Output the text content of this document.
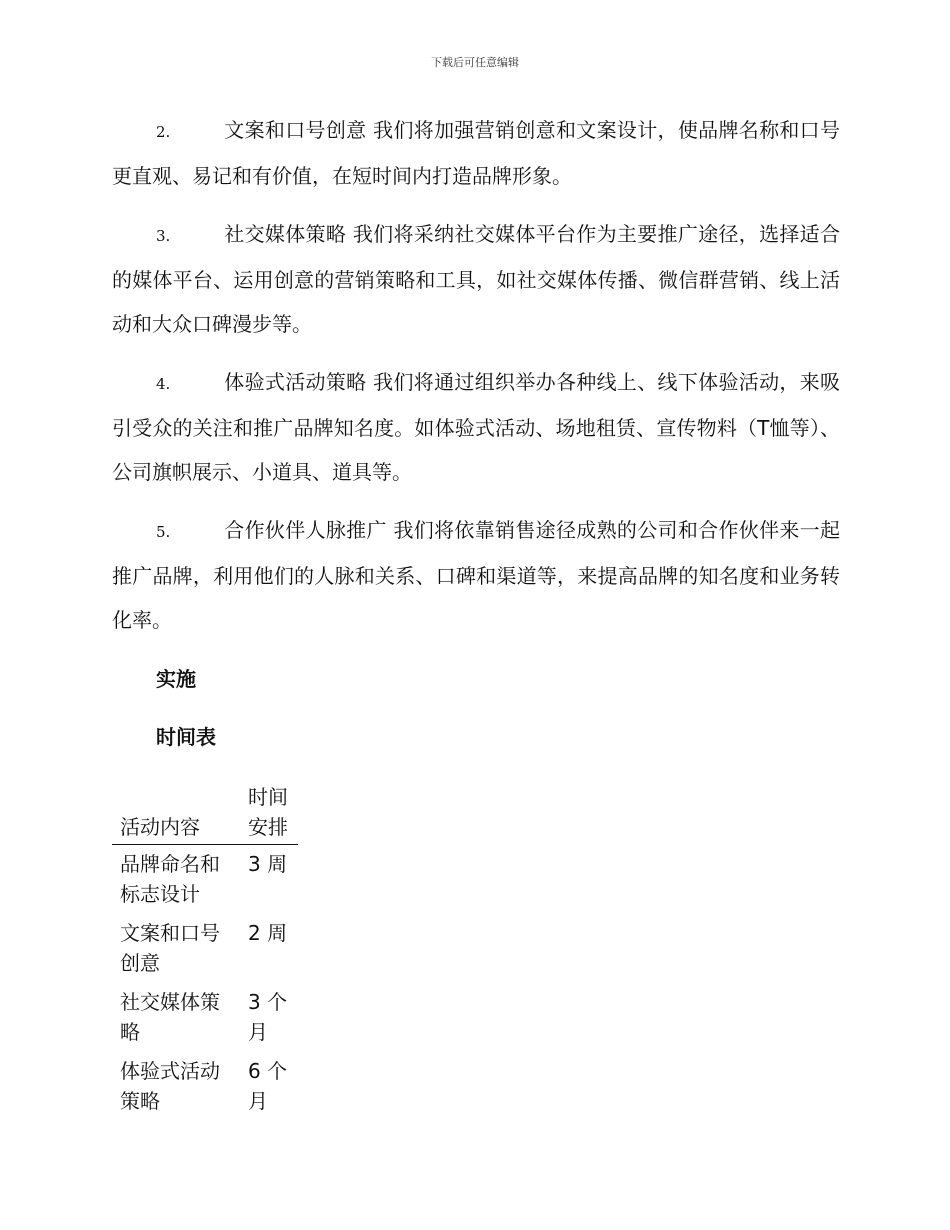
下载后可任意编辑

2.	文案和口号创意 我们将加强营销创意和文案设计，使品牌名称和口号更直观、易记和有价值，在短时间内打造品牌形象。

3.	社交媒体策略 我们将采纳社交媒体平台作为主要推广途径，选择适合的媒体平台、运用创意的营销策略和工具，如社交媒体传播、微信群营销、线上活动和大众口碑漫步等。

4.	体验式活动策略 我们将通过组织举办各种线上、线下体验活动，来吸引受众的关注和推广品牌知名度。如体验式活动、场地租赁、宣传物料（T恤等）、公司旗帜展示、小道具、道具等。

5.	合作伙伴人脉推广 我们将依靠销售途径成熟的公司和合作伙伴来一起推广品牌，利用他们的人脉和关系、口碑和渠道等，来提高品牌的知名度和业务转化率。

实施
时间表
活动内容	时间安排
品牌命名和标志设计	3 周
文案和口号创意	2 周
社交媒体策略	3 个月
体验式活动策略	6 个月
